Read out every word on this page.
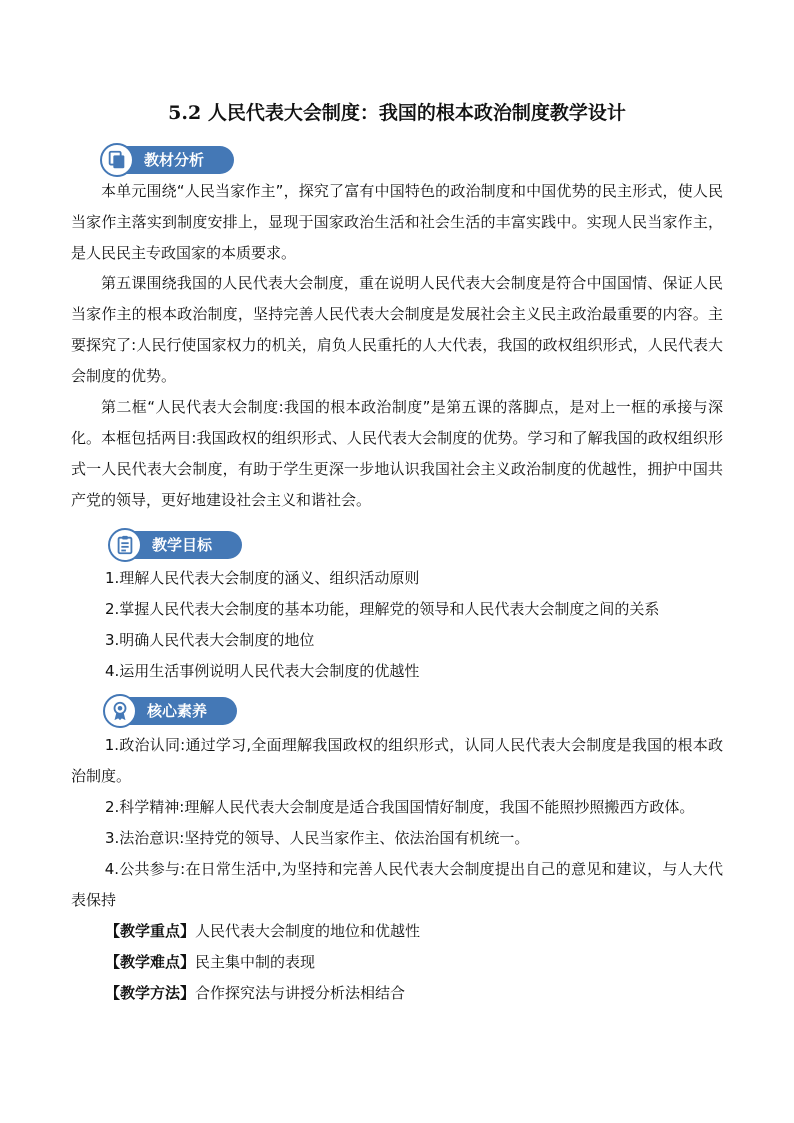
5.2 人民代表大会制度：我国的根本政治制度教学设计
教材分析

本单元围绕“人民当家作主”，探究了富有中国特色的政治制度和中国优势的民主形式，使人民当家作主落实到制度安排上，显现于国家政治生活和社会生活的丰富实践中。实现人民当家作主，是人民民主专政国家的本质要求。

第五课围绕我国的人民代表大会制度，重在说明人民代表大会制度是符合中国国情、保证人民当家作主的根本政治制度，坚持完善人民代表大会制度是发展社会主义民主政治最重要的内容。主要探究了:人民行使国家权力的机关，肩负人民重托的人大代表，我国的政权组织形式，人民代表大会制度的优势。

第二框“人民代表大会制度:我国的根本政治制度”是第五课的落脚点，是对上一框的承接与深化。本框包括两目:我国政权的组织形式、人民代表大会制度的优势。学习和了解我国的政权组织形式一人民代表大会制度，有助于学生更深一步地认识我国社会主义政治制度的优越性，拥护中国共产党的领导，更好地建设社会主义和谐社会。

教学目标

1.理解人民代表大会制度的涵义、组织活动原则

2.掌握人民代表大会制度的基本功能，理解党的领导和人民代表大会制度之间的关系

3.明确人民代表大会制度的地位

4.运用生活事例说明人民代表大会制度的优越性

核心素养

1.政治认同:通过学习,全面理解我国政权的组织形式，认同人民代表大会制度是我国的根本政治制度。

2.科学精神:理解人民代表大会制度是适合我国国情好制度，我国不能照抄照搬西方政体。

3.法治意识:坚持党的领导、人民当家作主、依法治国有机统一。

4.公共参与:在日常生活中,为坚持和完善人民代表大会制度提出自己的意见和建议，与人大代表保持

【教学重点】人民代表大会制度的地位和优越性

【教学难点】民主集中制的表现

【教学方法】合作探究法与讲授分析法相结合
